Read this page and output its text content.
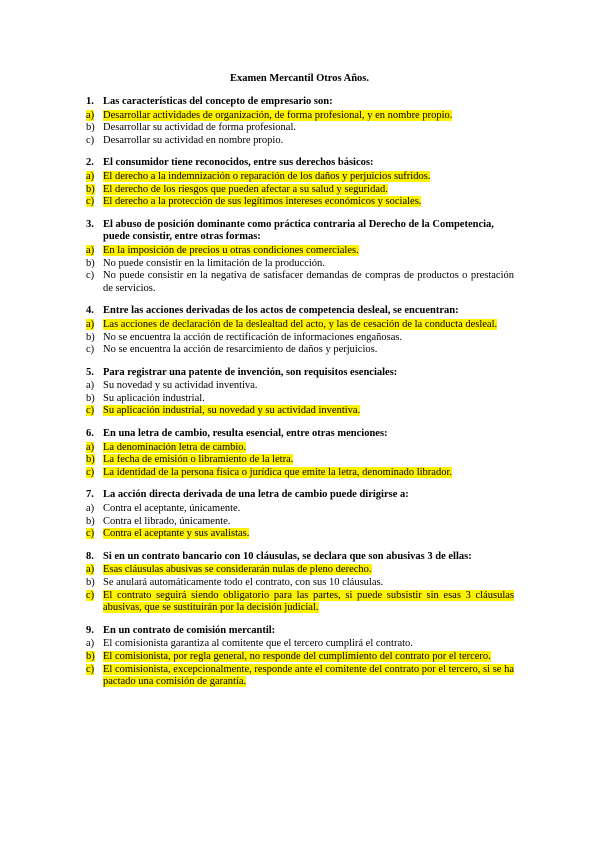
Examen Mercantil Otros Años.
1. Las características del concepto de empresario son:
a) Desarrollar actividades de organización, de forma profesional, y en nombre propio.
b) Desarrollar su actividad de forma profesional.
c) Desarrollar su actividad en nombre propio.
2. El consumidor tiene reconocidos, entre sus derechos básicos:
a) El derecho a la indemnización o reparación de los daños y perjuicios sufridos.
b) El derecho de los riesgos que pueden afectar a su salud y seguridad.
c) El derecho a la protección de sus legítimos intereses económicos y sociales.
3. El abuso de posición dominante como práctica contraria al Derecho de la Competencia, puede consistir, entre otras formas:
a) En la imposición de precios u otras condiciones comerciales.
b) No puede consistir en la limitación de la producción.
c) No puede consistir en la negativa de satisfacer demandas de compras de productos o prestación de servicios.
4. Entre las acciones derivadas de los actos de competencia desleal, se encuentran:
a) Las acciones de declaración de la deslealtad del acto, y las de cesación de la conducta desleal.
b) No se encuentra la acción de rectificación de informaciones engañosas.
c) No se encuentra la acción de resarcimiento de daños y perjuicios.
5. Para registrar una patente de invención, son requisitos esenciales:
a) Su novedad y su actividad inventiva.
b) Su aplicación industrial.
c) Su aplicación industrial, su novedad y su actividad inventiva.
6. En una letra de cambio, resulta esencial, entre otras menciones:
a) La denominación letra de cambio.
b) La fecha de emisión o libramiento de la letra.
c) La identidad de la persona física o jurídica que emite la letra, denominado librador.
7. La acción directa derivada de una letra de cambio puede dirigirse a:
a) Contra el aceptante, únicamente.
b) Contra el librado, únicamente.
c) Contra el aceptante y sus avalistas.
8. Si en un contrato bancario con 10 cláusulas, se declara que son abusivas 3 de ellas:
a) Esas cláusulas abusivas se considerarán nulas de pleno derecho.
b) Se anulará automáticamente todo el contrato, con sus 10 cláusulas.
c) El contrato seguirá siendo obligatorio para las partes, si puede subsistir sin esas 3 cláusulas abusivas, que se sustituirán por la decisión judicial.
9. En un contrato de comisión mercantil:
a) El comisionista garantiza al comitente que el tercero cumplirá el contrato.
b) El comisionista, por regla general, no responde del cumplimiento del contrato por el tercero.
c) El comisionista, excepcionalmente, responde ante el comitente del contrato por el tercero, si se ha pactado una comisión de garantía.
